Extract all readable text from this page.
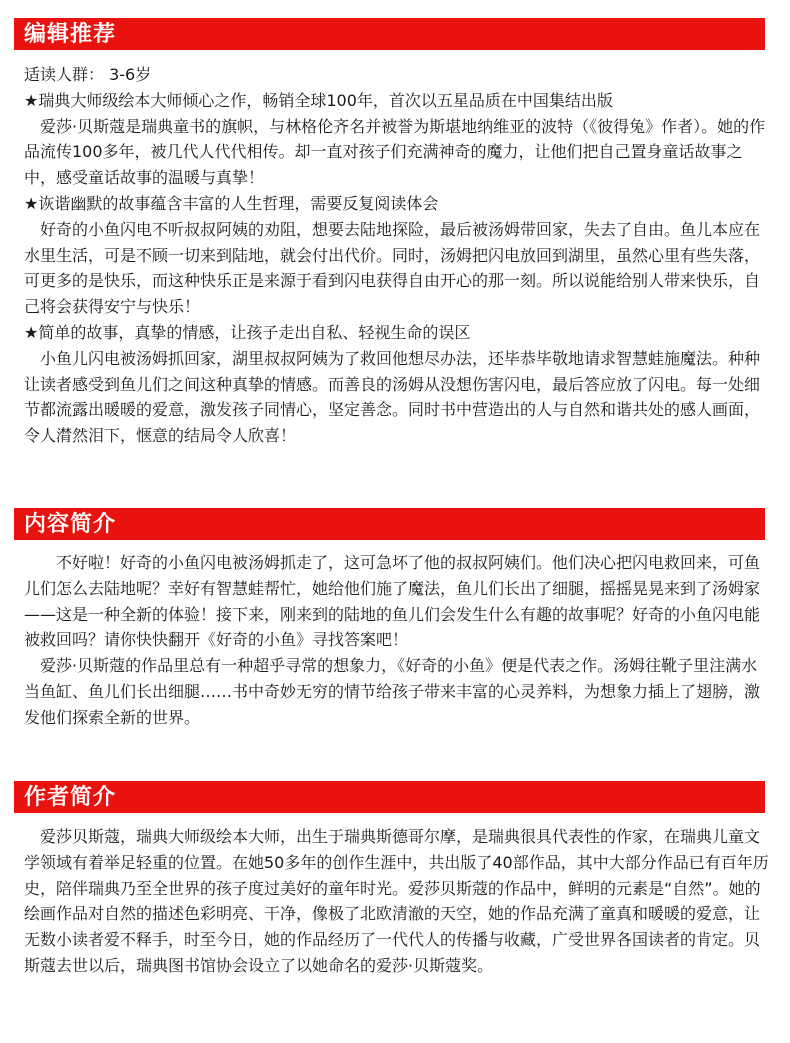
编辑推荐

适读人群： 3-6岁

★瑞典大师级绘本大师倾心之作，畅销全球100年，首次以五星品质在中国集结出版

爱莎·贝斯蔻是瑞典童书的旗帜，与林格伦齐名并被誉为斯堪地纳维亚的波特（《彼得兔》作者）。她的作品流传100多年，被几代人代代相传。却一直对孩子们充满神奇的魔力，让他们把自己置身童话故事之中，感受童话故事的温暖与真挚！

★诙谐幽默的故事蕴含丰富的人生哲理，需要反复阅读体会

好奇的小鱼闪电不听叔叔阿姨的劝阻，想要去陆地探险，最后被汤姆带回家，失去了自由。鱼儿本应在水里生活，可是不顾一切来到陆地，就会付出代价。同时，汤姆把闪电放回到湖里，虽然心里有些失落，可更多的是快乐，而这种快乐正是来源于看到闪电获得自由开心的那一刻。所以说能给别人带来快乐，自己将会获得安宁与快乐！

★简单的故事，真挚的情感，让孩子走出自私、轻视生命的误区

小鱼儿闪电被汤姆抓回家，湖里叔叔阿姨为了救回他想尽办法，还毕恭毕敬地请求智慧蛙施魔法。种种让读者感受到鱼儿们之间这种真挚的情感。而善良的汤姆从没想伤害闪电，最后答应放了闪电。每一处细节都流露出暖暖的爱意，激发孩子同情心，坚定善念。同时书中营造出的人与自然和谐共处的感人画面，令人潸然泪下，惬意的结局令人欣喜！

内容简介

不好啦！好奇的小鱼闪电被汤姆抓走了，这可急坏了他的叔叔阿姨们。他们决心把闪电救回来，可鱼儿们怎么去陆地呢？幸好有智慧蛙帮忙，她给他们施了魔法，鱼儿们长出了细腿，摇摇晃晃来到了汤姆家——这是一种全新的体验！接下来，刚来到的陆地的鱼儿们会发生什么有趣的故事呢？好奇的小鱼闪电能被救回吗？请你快快翻开《好奇的小鱼》寻找答案吧！

爱莎·贝斯蔻的作品里总有一种超乎寻常的想象力，《好奇的小鱼》便是代表之作。汤姆往靴子里注满水当鱼缸、鱼儿们长出细腿……书中奇妙无穷的情节给孩子带来丰富的心灵养料，为想象力插上了翅膀，激发他们探索全新的世界。

作者简介

爱莎贝斯蔻，瑞典大师级绘本大师，出生于瑞典斯德哥尔摩，是瑞典很具代表性的作家，在瑞典儿童文学领域有着举足轻重的位置。在她50多年的创作生涯中，共出版了40部作品，其中大部分作品已有百年历史，陪伴瑞典乃至全世界的孩子度过美好的童年时光。爱莎贝斯蔻的作品中，鲜明的元素是“自然”。她的绘画作品对自然的描述色彩明亮、干净，像极了北欧清澈的天空，她的作品充满了童真和暖暖的爱意，让无数小读者爱不释手，时至今日，她的作品经历了一代代人的传播与收藏，广受世界各国读者的肯定。贝斯蔻去世以后，瑞典图书馆协会设立了以她命名的爱莎·贝斯蔻奖。
